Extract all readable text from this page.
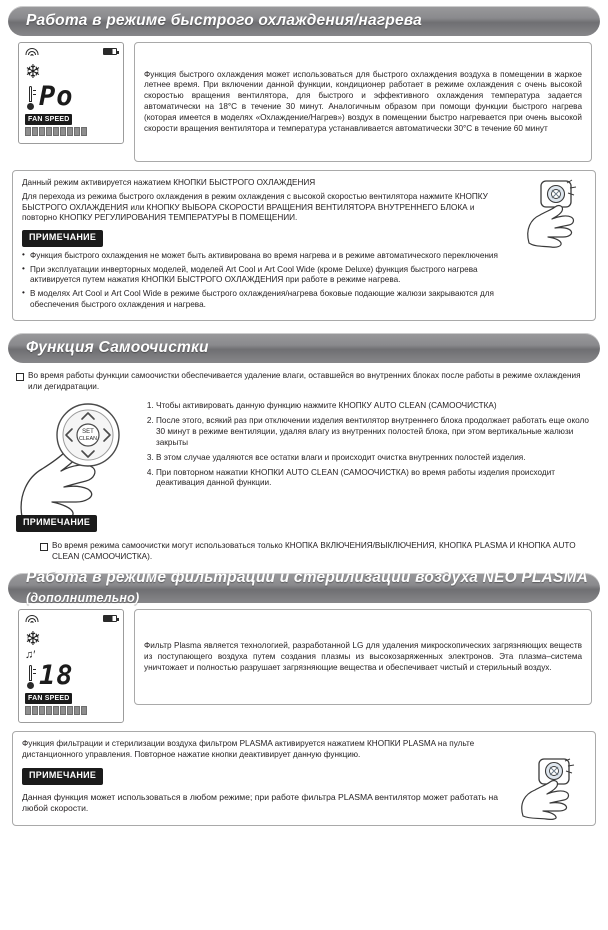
Работа в режиме быстрого охлаждения/нагрева
❄
Po
FAN SPEED

Функция быстрого охлаждения может использоваться для быстрого охлаждения воздуха в помещении в жаркое летнее время. При включении данной функции, кондиционер работает в режиме охлаждения с очень высокой скоростью вращения вентилятора, для быстрого и эффективного охлаждения температура задается автоматически на 18°C в течение 30 минут. Аналогичным образом при помощи функции быстрого нагрева (которая имеется в моделях «Охлаждение/Нагрев») воздух в помещении быстро нагревается при очень высокой скорости вращения вентилятора и температура устанавливается автоматически 30°C в течение 60 минут

Данный режим активируется нажатием КНОПКИ БЫСТРОГО ОХЛАЖДЕНИЯ

Для перехода из режима быстрого охлаждения в режим охлаждения с высокой скоростью вентилятора нажмите КНОПКУ БЫСТРОГО ОХЛАЖДЕНИЯ или КНОПКУ ВЫБОРА СКОРОСТИ ВРАЩЕНИЯ ВЕНТИЛЯТОРА ВНУТРЕННЕГО БЛОКА и повторно КНОПКУ РЕГУЛИРОВАНИЯ ТЕМПЕРАТУРЫ В ПОМЕЩЕНИИ.

ПРИМЕЧАНИЕ
• Функция быстрого охлаждения не может быть активирована во время нагрева и в режиме автоматического переключения
• При эксплуатации инверторных моделей, моделей Art Cool и Art Cool Wide (кроме Deluxe) функция быстрого нагрева активируется путем нажатия КНОПКИ БЫСТРОГО ОХЛАЖДЕНИЯ при работе в режиме нагрева.
• В моделях Art Cool и Art Cool Wide в режиме быстрого охлаждения/нагрева боковые подающие жалюзи закрываются для обеспечения быстрого охлаждения и нагрева.
Функция Самоочистки
Во время работы функции самоочистки обеспечивается удаление влаги, оставшейся во внутренних блоках после работы в режиме охлаждения или дегидратации.
SET
CLEAN
ПРИМЕЧАНИЕ
1. Чтобы активировать данную функцию нажмите КНОПКУ AUTO CLEAN (САМООЧИСТКА)
2. После этого, всякий раз при отключении изделия вентилятор внутреннего блока продолжает работать еще около 30 минут в режиме вентиляции, удаляя влагу из внутренних полостей блока, при этом вертикальные жалюзи закрыты
3. В этом случае удаляются все остатки влаги и происходит очистка внутренних полостей изделия.
4. При повторном нажатии КНОПКИ AUTO CLEAN (САМООЧИСТКА) во время работы изделия происходит деактивация данной функции.
Во время режима самоочистки могут использоваться только КНОПКА ВКЛЮЧЕНИЯ/ВЫКЛЮЧЕНИЯ, КНОПКА PLASMA И КНОПКА AUTO CLEAN (САМООЧИСТКА).
Работа в режиме фильтрации и стерилизации воздуха NEO PLASMA (дополнительно)
❄
♫′
18
FAN SPEED

Фильтр Plasma является технологией, разработанной LG для удаления микроскопических загрязняющих веществ из поступающего воздуха путем создания плазмы из высокозаряженных электронов. Эта плазма–система уничтожает и полностью разрушает загрязняющие вещества и обеспечивает чистый и стерильный воздух.

Функция фильтрации и стерилизации воздуха фильтром PLASMA активируется нажатием КНОПКИ PLASMA на пульте дистанционного управления. Повторное нажатие кнопки деактивирует данную функцию.

ПРИМЕЧАНИЕ

Данная функция может использоваться в любом режиме; при работе фильтра PLASMA вентилятор может работать на любой скорости.
